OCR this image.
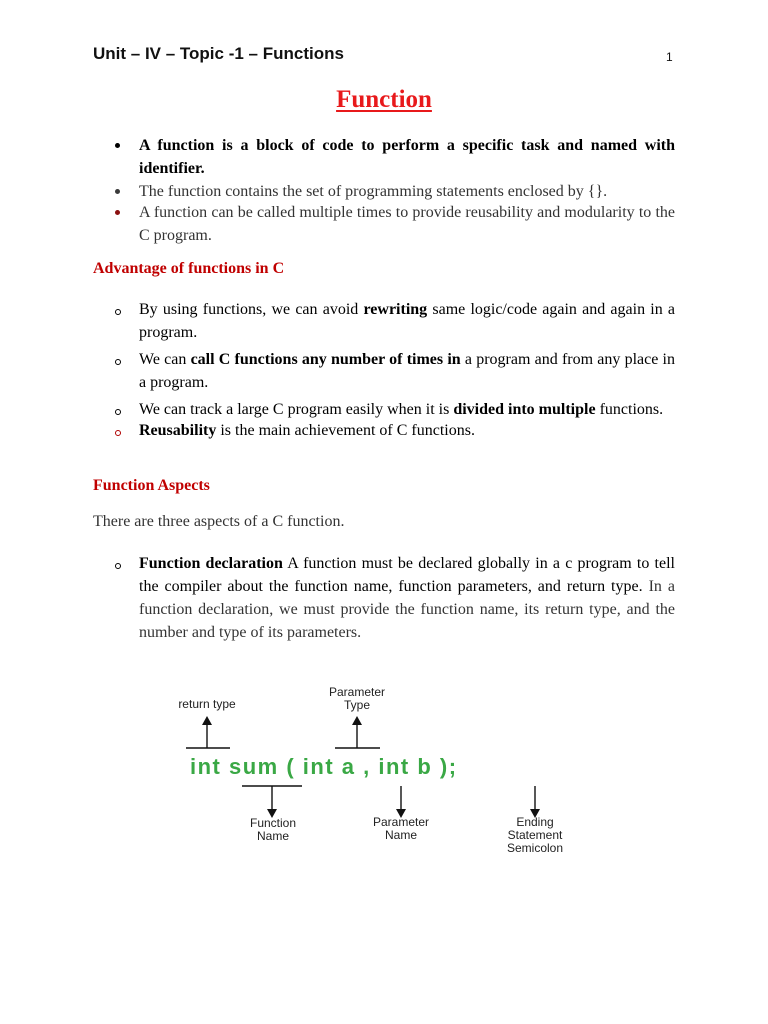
Unit – IV – Topic -1 – Functions	1
Function
A function is a block of code to perform a specific task and named with identifier.
The function contains the set of programming statements enclosed by {}.
A function can be called multiple times to provide reusability and modularity to the C program.
Advantage of functions in C
By using functions, we can avoid rewriting same logic/code again and again in a program.
We can call C functions any number of times in a program and from any place in a program.
We can track a large C program easily when it is divided into multiple functions.
Reusability is the main achievement of C functions.
Function Aspects
There are three aspects of a C function.
Function declaration A function must be declared globally in a c program to tell the compiler about the function name, function parameters, and return type. In a function declaration, we must provide the function name, its return type, and the number and type of its parameters.
return type
Parameter
Type
int sum ( int a , int b );
Function
Name
Parameter
Name
Ending
Statement
Semicolon
